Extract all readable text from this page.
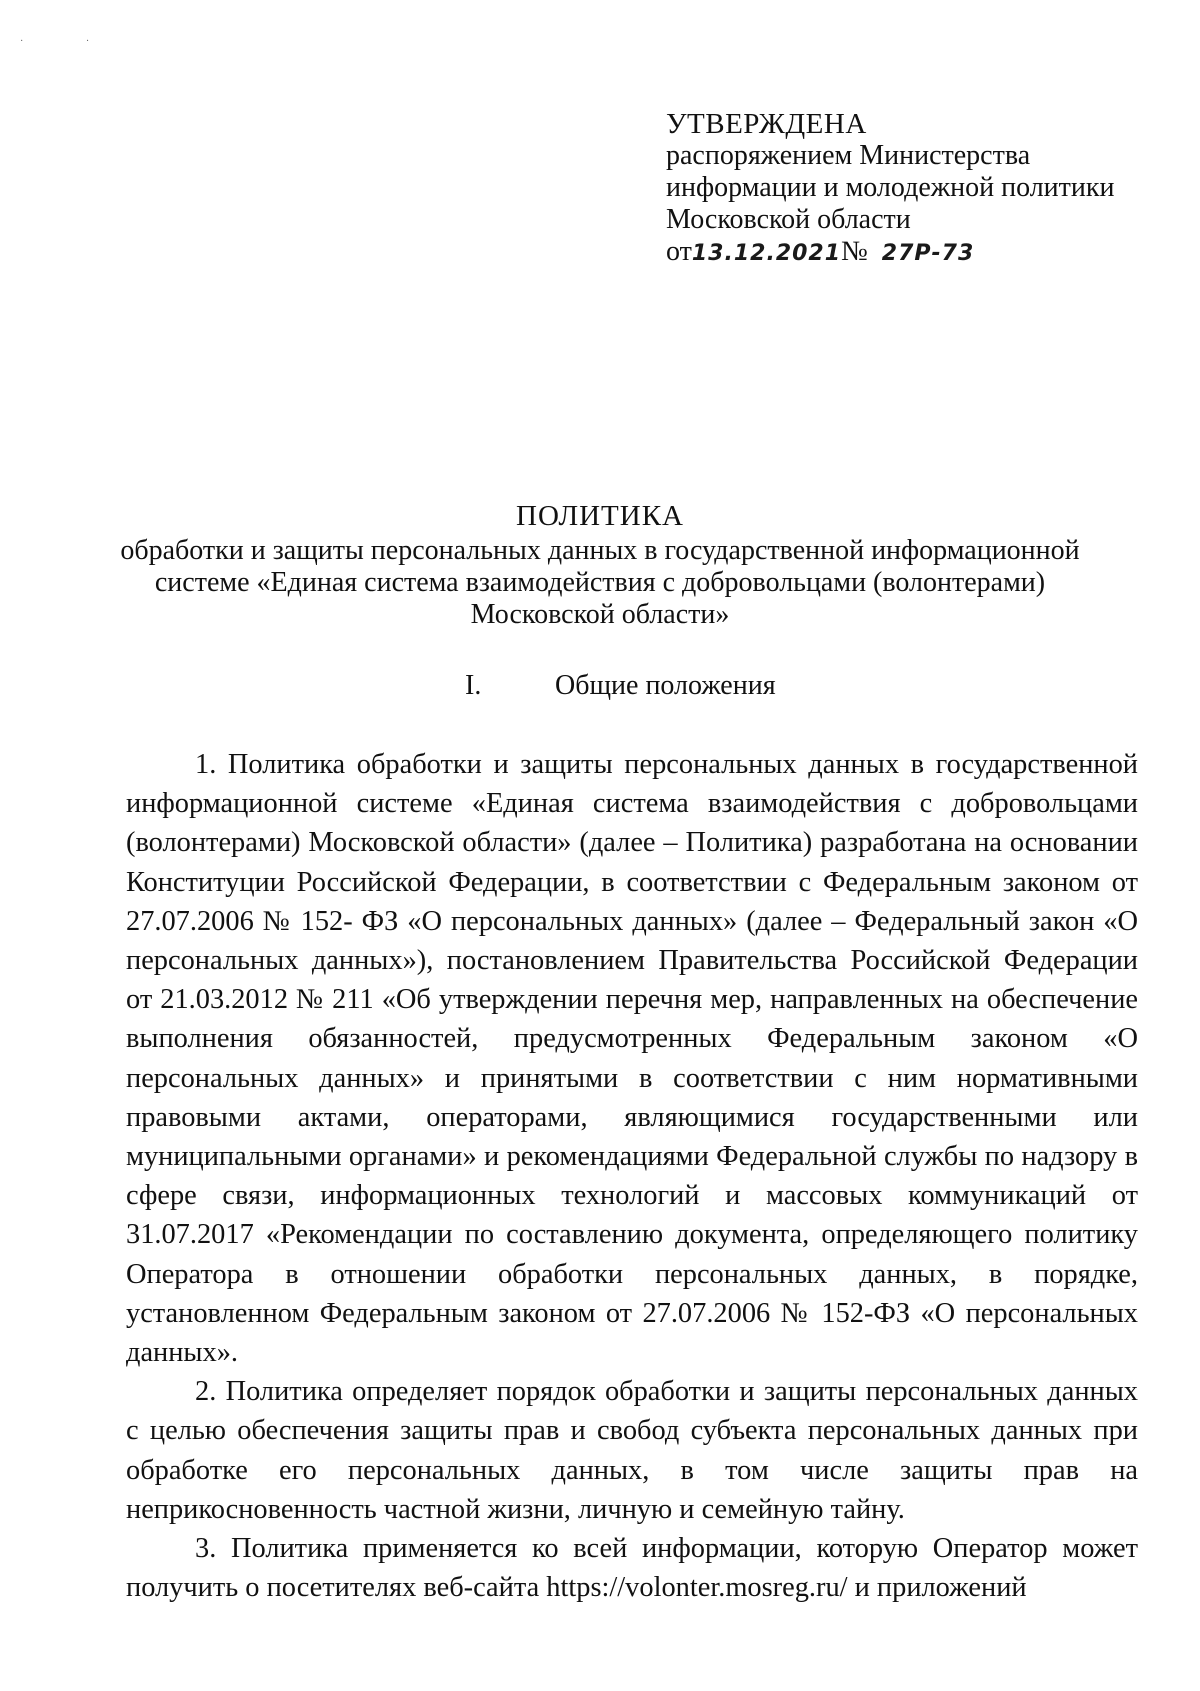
· ·
УТВЕРЖДЕНА
распоряжением Министерства
информации и молодежной политики
Московской области
от13.12.2021№ 27Р-73
ПОЛИТИКА
обработки и защиты персональных данных в государственной информационной
системе «Единая система взаимодействия с добровольцами (волонтерами)
Московской области»
I.	Общие положения

1. Политика обработки и защиты персональных данных в государственной информационной системе «Единая система взаимодействия с добровольцами (волонтерами) Московской области» (далее – Политика) разработана на основании Конституции Российской Федерации, в соответствии с Федеральным законом от 27.07.2006 № 152- ФЗ «О персональных данных» (далее – Федеральный закон «О персональных данных»), постановлением Правительства Российской Федерации от 21.03.2012 № 211 «Об утверждении перечня мер, направленных на обеспечение выполнения обязанностей, предусмотренных Федеральным законом «О персональных данных» и принятыми в соответствии с ним нормативными правовыми актами, операторами, являющимися государственными или муниципальными органами» и рекомендациями Федеральной службы по надзору в сфере связи, информационных технологий и массовых коммуникаций от 31.07.2017 «Рекомендации по составлению документа, определяющего политику Оператора в отношении обработки персональных данных, в порядке, установленном Федеральным законом от 27.07.2006 № 152-ФЗ «О персональных данных».

2. Политика определяет порядок обработки и защиты персональных данных с целью обеспечения защиты прав и свобод субъекта персональных данных при обработке его персональных данных, в том числе защиты прав на неприкосновенность частной жизни, личную и семейную тайну.

3. Политика применяется ко всей информации, которую Оператор может получить о посетителях веб-сайта https://volonter.mosreg.ru/ и приложений
